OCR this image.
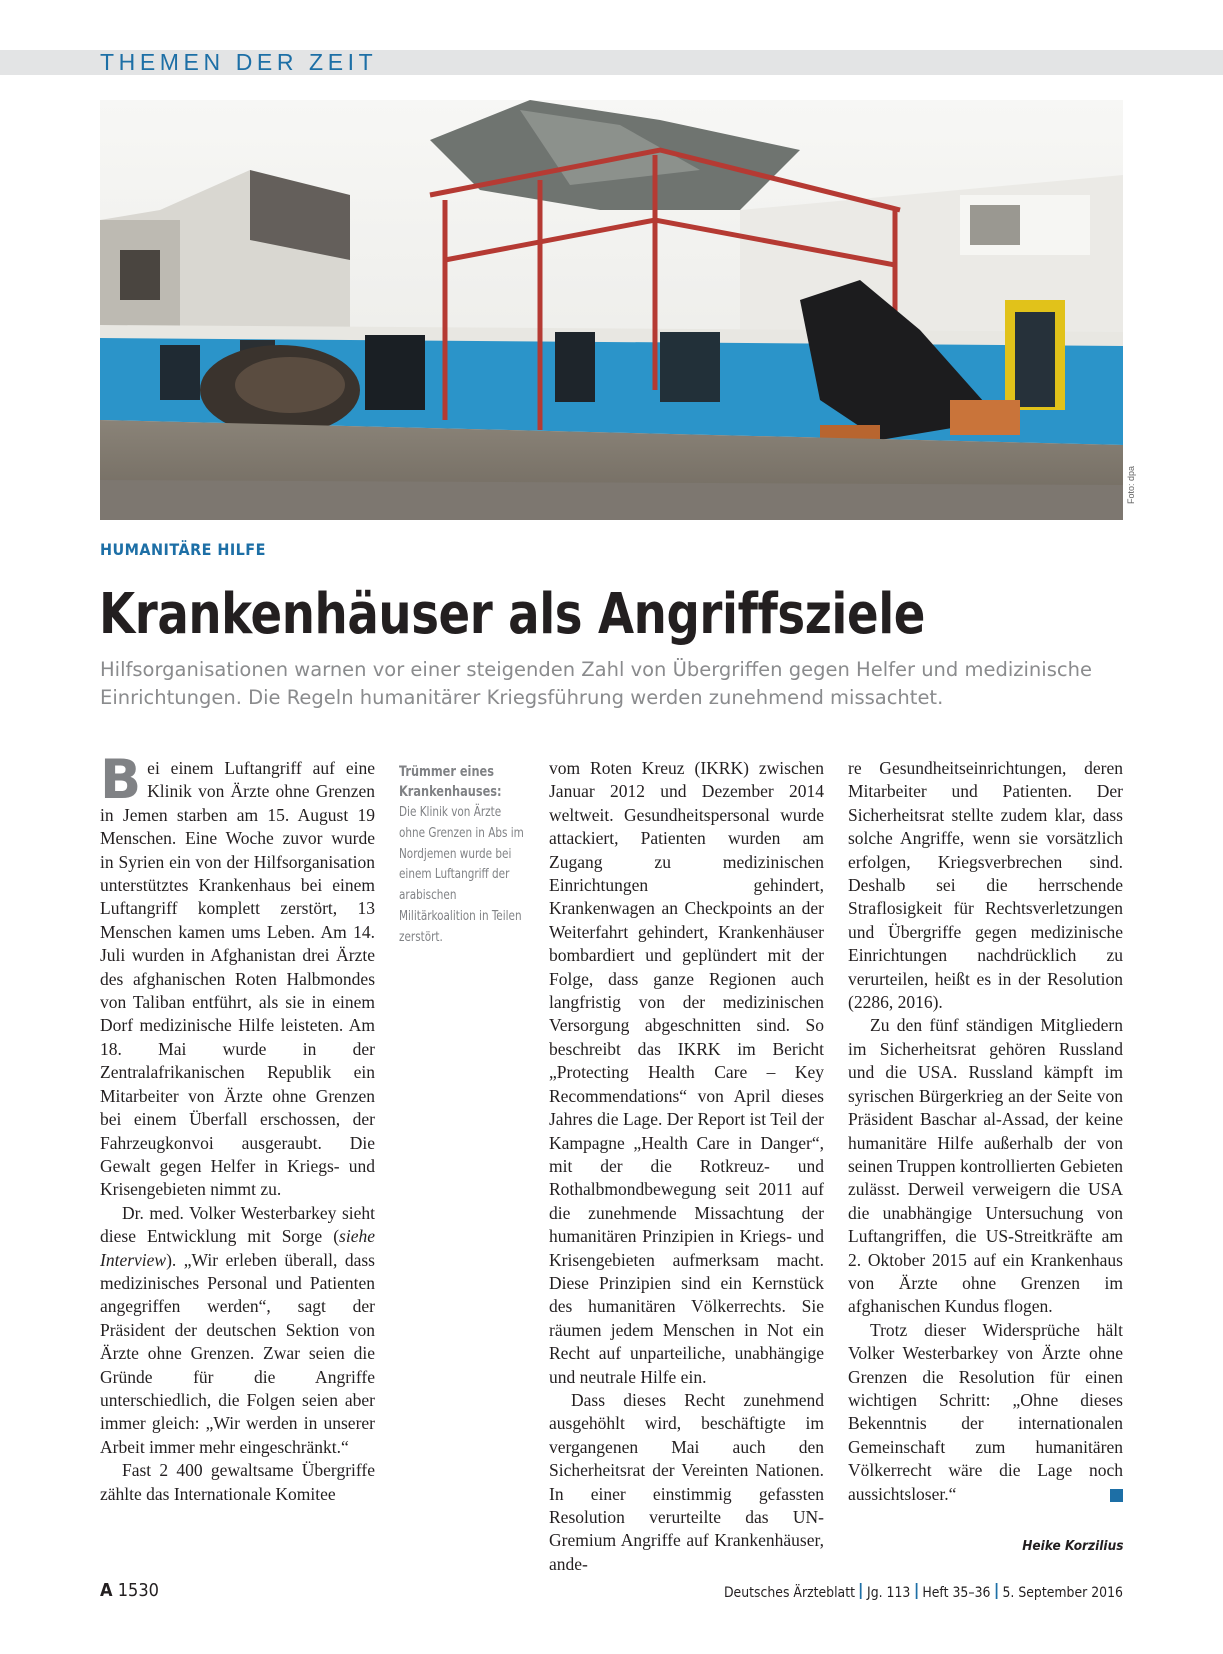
THEMEN DER ZEIT
Foto: dpa
HUMANITÄRE HILFE
Krankenhäuser als Angriffsziele
Hilfsorganisationen warnen vor einer steigenden Zahl von Übergriffen gegen Helfer und medizinische Einrichtungen. Die Regeln humanitärer Kriegsführung werden zunehmend missachtet.

Bei einem Luftangriff auf eine Klinik von Ärzte ohne Grenzen in Jemen starben am 15. August 19 Menschen. Eine Woche zuvor wurde in Syrien ein von der Hilfsorganisation unterstütztes Krankenhaus bei einem Luftangriff komplett zerstört, 13 Menschen kamen ums Leben. Am 14. Juli wurden in Afghanistan drei Ärzte des afghanischen Roten Halbmondes von Taliban entführt, als sie in einem Dorf medizinische Hilfe leisteten. Am 18. Mai wurde in der Zentralafrikanischen Republik ein Mitarbeiter von Ärzte ohne Grenzen bei einem Überfall erschossen, der Fahrzeugkonvoi ausgeraubt. Die Gewalt gegen Helfer in Kriegs- und Krisengebieten nimmt zu.

Dr. med. Volker Westerbarkey sieht diese Entwicklung mit Sorge (siehe Interview). „Wir erleben überall, dass medizinisches Personal und Patienten angegriffen werden“, sagt der Präsident der deutschen Sektion von Ärzte ohne Grenzen. Zwar seien die Gründe für die Angriffe unterschiedlich, die Folgen seien aber immer gleich: „Wir werden in unserer Arbeit immer mehr eingeschränkt.“

Fast 2 400 gewaltsame Übergriffe zählte das Internationale Komitee

Trümmer eines Krankenhauses:
Die Klinik von Ärzte ohne Grenzen in Abs im Nordjemen wurde bei einem Luftangriff der arabischen Militärkoalition in Teilen zerstört.

vom Roten Kreuz (IKRK) zwischen Januar 2012 und Dezember 2014 weltweit. Gesundheitspersonal wurde attackiert, Patienten wurden am Zugang zu medizinischen Einrichtungen gehindert, Krankenwagen an Checkpoints an der Weiterfahrt gehindert, Krankenhäuser bombardiert und geplündert mit der Folge, dass ganze Regionen auch langfristig von der medizinischen Versorgung abgeschnitten sind. So beschreibt das IKRK im Bericht „Protecting Health Care – Key Recommendations“ von April dieses Jahres die Lage. Der Report ist Teil der Kampagne „Health Care in Danger“, mit der die Rotkreuz- und Rothalbmondbewegung seit 2011 auf die zunehmende Missachtung der humanitären Prinzipien in Kriegs- und Krisengebieten aufmerksam macht. Diese Prinzipien sind ein Kernstück des humanitären Völkerrechts. Sie räumen jedem Menschen in Not ein Recht auf unparteiliche, unabhängige und neutrale Hilfe ein.

Dass dieses Recht zunehmend ausgehöhlt wird, beschäftigte im vergangenen Mai auch den Sicherheitsrat der Vereinten Nationen. In einer einstimmig gefassten Resolution verurteilte das UN-Gremium Angriffe auf Krankenhäuser, ande-

re Gesundheitseinrichtungen, deren Mitarbeiter und Patienten. Der Sicherheitsrat stellte zudem klar, dass solche Angriffe, wenn sie vorsätzlich erfolgen, Kriegsverbrechen sind. Deshalb sei die herrschende Straflosigkeit für Rechtsverletzungen und Übergriffe gegen medizinische Einrichtungen nachdrücklich zu verurteilen, heißt es in der Resolution (2286, 2016).

Zu den fünf ständigen Mitgliedern im Sicherheitsrat gehören Russland und die USA. Russland kämpft im syrischen Bürgerkrieg an der Seite von Präsident Baschar al-Assad, der keine humanitäre Hilfe außerhalb der von seinen Truppen kontrollierten Gebieten zulässt. Derweil verweigern die USA die unabhängige Untersuchung von Luftangriffen, die US-Streitkräfte am 2. Oktober 2015 auf ein Krankenhaus von Ärzte ohne Grenzen im afghanischen Kundus flogen.

Trotz dieser Widersprüche hält Volker Westerbarkey von Ärzte ohne Grenzen die Resolution für einen wichtigen Schritt: „Ohne dieses Bekenntnis der internationalen Gemeinschaft zum humanitären Völkerrecht wäre die Lage noch aussichtsloser.“

Heike Korzilius
A 1530	Deutsches Ärzteblatt Jg. 113 Heft 35–36 5. September 2016
